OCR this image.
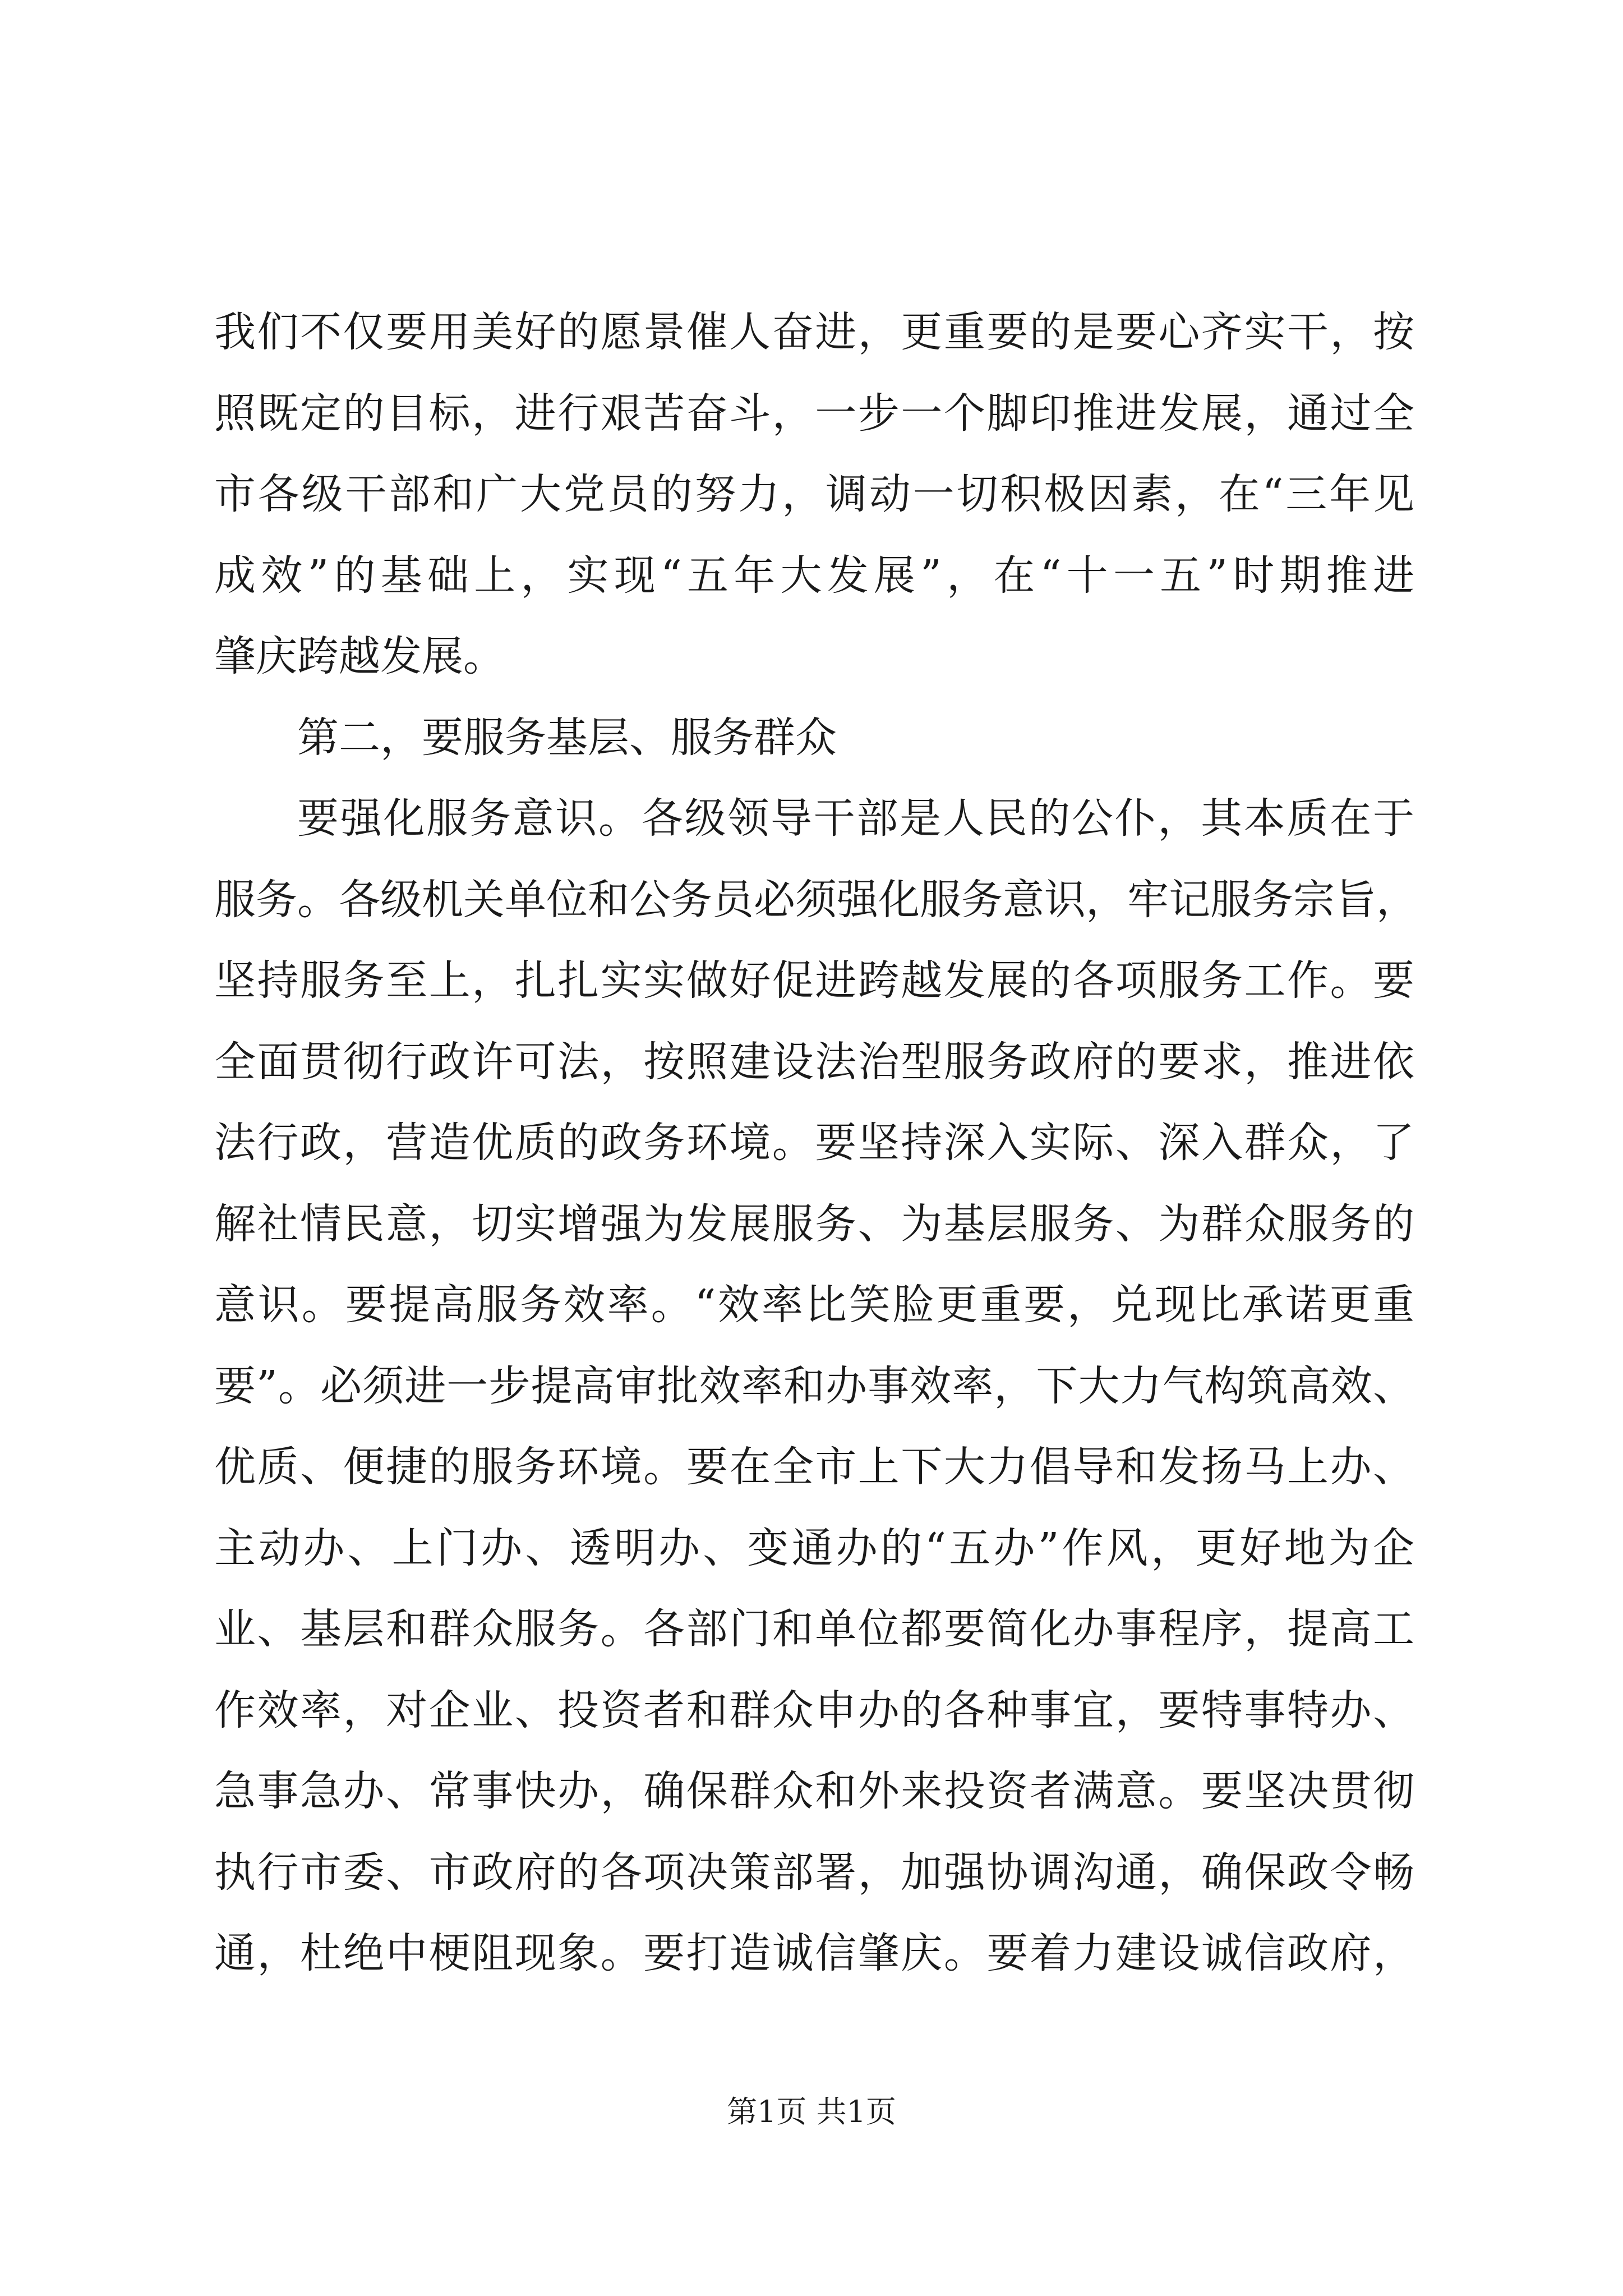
我们不仅要用美好的愿景催人奋进，更重要的是要心齐实干，按
照既定的目标，进行艰苦奋斗，一步一个脚印推进发展，通过全
市各级干部和广大党员的努力，调动一切积极因素，在“三年见
成效”的基础上，实现“五年大发展”，在“十一五”时期推进
肇庆跨越发展。
第二，要服务基层、服务群众
要强化服务意识。各级领导干部是人民的公仆，其本质在于
服务。各级机关单位和公务员必须强化服务意识，牢记服务宗旨，
坚持服务至上，扎扎实实做好促进跨越发展的各项服务工作。要
全面贯彻行政许可法，按照建设法治型服务政府的要求，推进依
法行政，营造优质的政务环境。要坚持深入实际、深入群众，了
解社情民意，切实增强为发展服务、为基层服务、为群众服务的
意识。要提高服务效率。“效率比笑脸更重要，兑现比承诺更重
要”。必须进一步提高审批效率和办事效率，下大力气构筑高效、
优质、便捷的服务环境。要在全市上下大力倡导和发扬马上办、
主动办、上门办、透明办、变通办的“五办”作风，更好地为企
业、基层和群众服务。各部门和单位都要简化办事程序，提高工
作效率，对企业、投资者和群众申办的各种事宜，要特事特办、
急事急办、常事快办，确保群众和外来投资者满意。要坚决贯彻
执行市委、市政府的各项决策部署，加强协调沟通，确保政令畅
通，杜绝中梗阻现象。要打造诚信肇庆。要着力建设诚信政府，
第1页 共1页
